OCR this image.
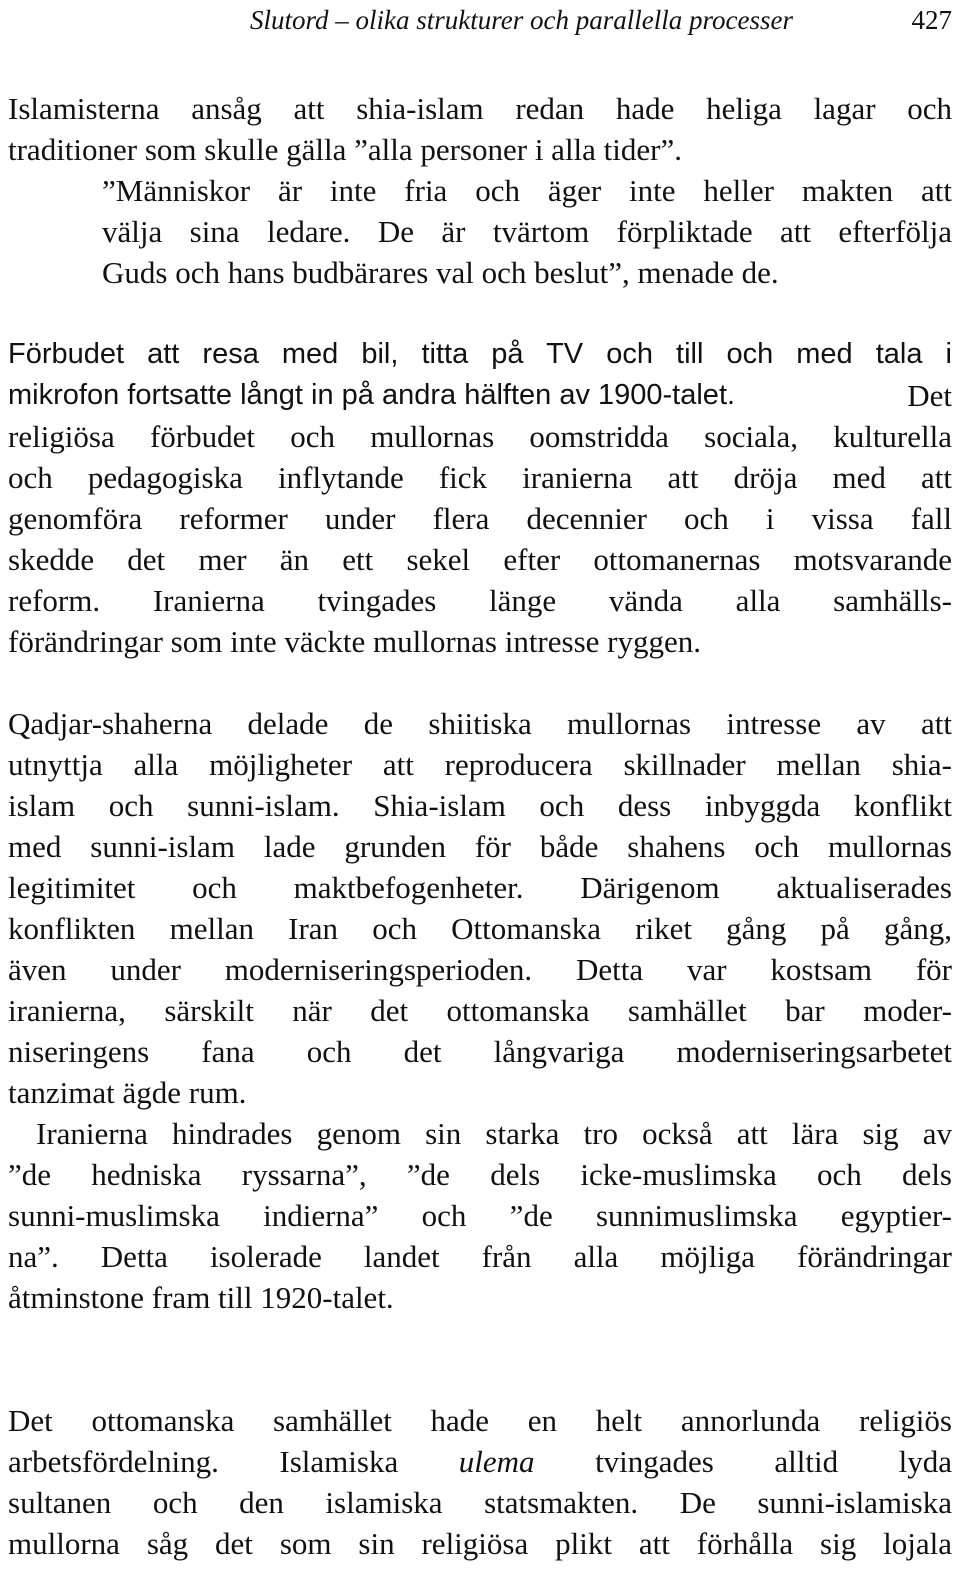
Slutord – olika strukturer och parallella processer	427
Islamisterna ansåg att shia-islam redan hade heliga lagar och
traditioner som skulle gälla ”alla personer i alla tider”.
”Människor är inte fria och äger inte heller makten att
välja sina ledare. De är tvärtom förpliktade att efterfölja
Guds och hans budbärares val och beslut”, menade de.
Förbudet att resa med bil, titta på TV och till och med tala i
mikrofon fortsatte långt in på andra hälften av 1900-talet.	Det
religiösa förbudet och mullornas oomstridda sociala, kulturella
och pedagogiska inflytande fick iranierna att dröja med att
genomföra reformer under flera decennier och i vissa fall
skedde det mer än ett sekel efter ottomanernas motsvarande
reform. Iranierna tvingades länge vända alla samhälls-
förändringar som inte väckte mullornas intresse ryggen.
Qadjar-shaherna delade de shiitiska mullornas intresse av att
utnyttja alla möjligheter att reproducera skillnader mellan shia-
islam och sunni-islam. Shia-islam och dess inbyggda konflikt
med sunni-islam lade grunden för både shahens och mullornas
legitimitet och maktbefogenheter. Därigenom aktualiserades
konflikten mellan Iran och Ottomanska riket gång på gång,
även under moderniseringsperioden. Detta var kostsam för
iranierna, särskilt när det ottomanska samhället bar moder-
niseringens fana och det långvariga moderniseringsarbetet
tanzimat ägde rum.
Iranierna hindrades genom sin starka tro också att lära sig av
”de hedniska ryssarna”, ”de dels icke-muslimska och dels
sunni-muslimska indierna” och ”de sunnimuslimska egyptier-
na”. Detta isolerade landet från alla möjliga förändringar
åtminstone fram till 1920-talet.
Det ottomanska samhället hade en helt annorlunda religiös
arbetsfördelning. Islamiska ulema tvingades alltid lyda
sultanen och den islamiska statsmakten. De sunni-islamiska
mullorna såg det som sin religiösa plikt att förhålla sig lojala
